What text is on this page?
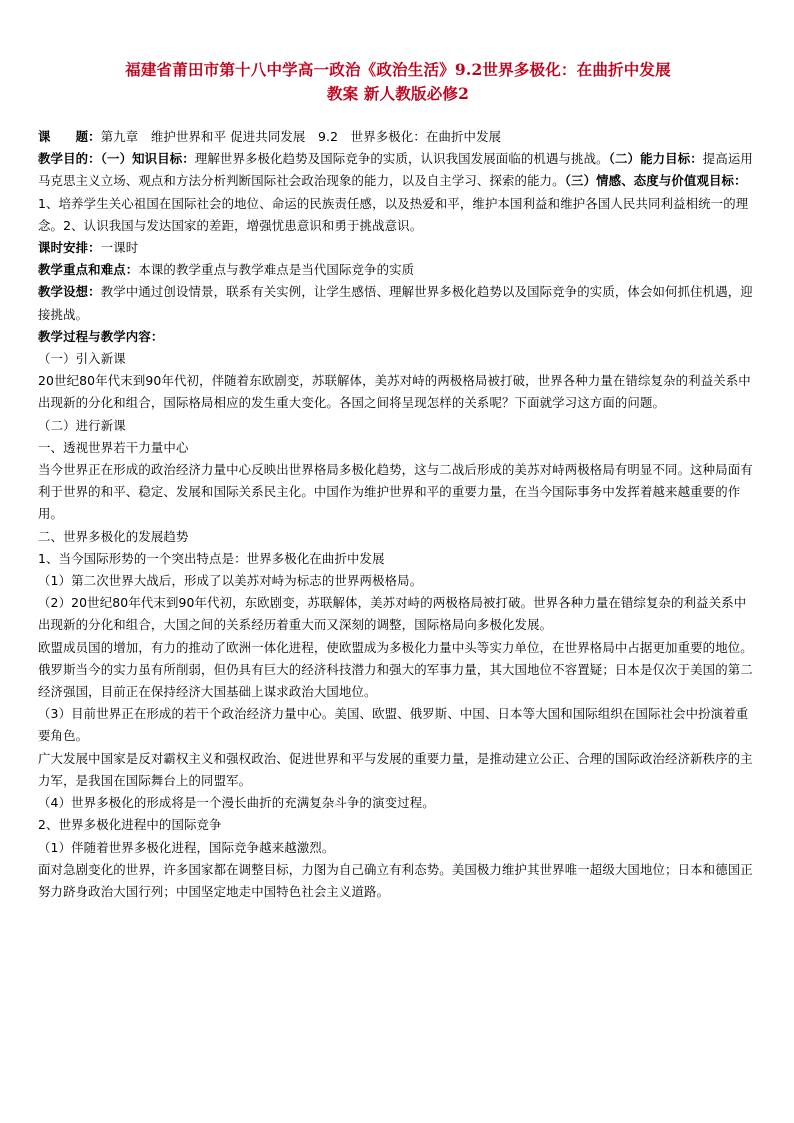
福建省莆田市第十八中学高一政治《政治生活》9.2世界多极化：在曲折中发展
教案 新人教版必修2

课　　题：第九章　维护世界和平 促进共同发展　9.2　世界多极化：在曲折中发展

教学目的：（一）知识目标：理解世界多极化趋势及国际竞争的实质，认识我国发展面临的机遇与挑战。（二）能力目标：提高运用马克思主义立场、观点和方法分析判断国际社会政治现象的能力，以及自主学习、探索的能力。（三）情感、态度与价值观目标：1、培养学生关心祖国在国际社会的地位、命运的民族责任感，以及热爱和平，维护本国利益和维护各国人民共同利益相统一的理念。2、认识我国与发达国家的差距，增强忧患意识和勇于挑战意识。

课时安排：一课时

教学重点和难点：本课的教学重点与教学难点是当代国际竞争的实质

教学设想：教学中通过创设情景，联系有关实例，让学生感悟、理解世界多极化趋势以及国际竞争的实质，体会如何抓住机遇，迎接挑战。

教学过程与教学内容：

（一）引入新课

20世纪80年代末到90年代初，伴随着东欧剧变，苏联解体，美苏对峙的两极格局被打破，世界各种力量在错综复杂的利益关系中出现新的分化和组合，国际格局相应的发生重大变化。各国之间将呈现怎样的关系呢？下面就学习这方面的问题。

（二）进行新课

一、透视世界若干力量中心

当今世界正在形成的政治经济力量中心反映出世界格局多极化趋势，这与二战后形成的美苏对峙两极格局有明显不同。这种局面有利于世界的和平、稳定、发展和国际关系民主化。中国作为维护世界和平的重要力量，在当今国际事务中发挥着越来越重要的作用。

二、世界多极化的发展趋势

1、当今国际形势的一个突出特点是：世界多极化在曲折中发展

（1）第二次世界大战后，形成了以美苏对峙为标志的世界两极格局。

（2）20世纪80年代末到90年代初，东欧剧变，苏联解体，美苏对峙的两极格局被打破。世界各种力量在错综复杂的利益关系中出现新的分化和组合，大国之间的关系经历着重大而又深刻的调整，国际格局向多极化发展。

欧盟成员国的增加，有力的推动了欧洲一体化进程，使欧盟成为多极化力量中头等实力单位，在世界格局中占据更加重要的地位。俄罗斯当今的实力虽有所削弱，但仍具有巨大的经济科技潜力和强大的军事力量，其大国地位不容置疑；日本是仅次于美国的第二经济强国，目前正在保持经济大国基础上谋求政治大国地位。

（3）目前世界正在形成的若干个政治经济力量中心。美国、欧盟、俄罗斯、中国、日本等大国和国际组织在国际社会中扮演着重要角色。

广大发展中国家是反对霸权主义和强权政治、促进世界和平与发展的重要力量，是推动建立公正、合理的国际政治经济新秩序的主力军，是我国在国际舞台上的同盟军。

（4）世界多极化的形成将是一个漫长曲折的充满复杂斗争的演变过程。

2、世界多极化进程中的国际竞争

（1）伴随着世界多极化进程，国际竞争越来越激烈。

面对急剧变化的世界，许多国家都在调整目标，力图为自己确立有利态势。美国极力维护其世界唯一超级大国地位；日本和德国正努力跻身政治大国行列；中国坚定地走中国特色社会主义道路。
